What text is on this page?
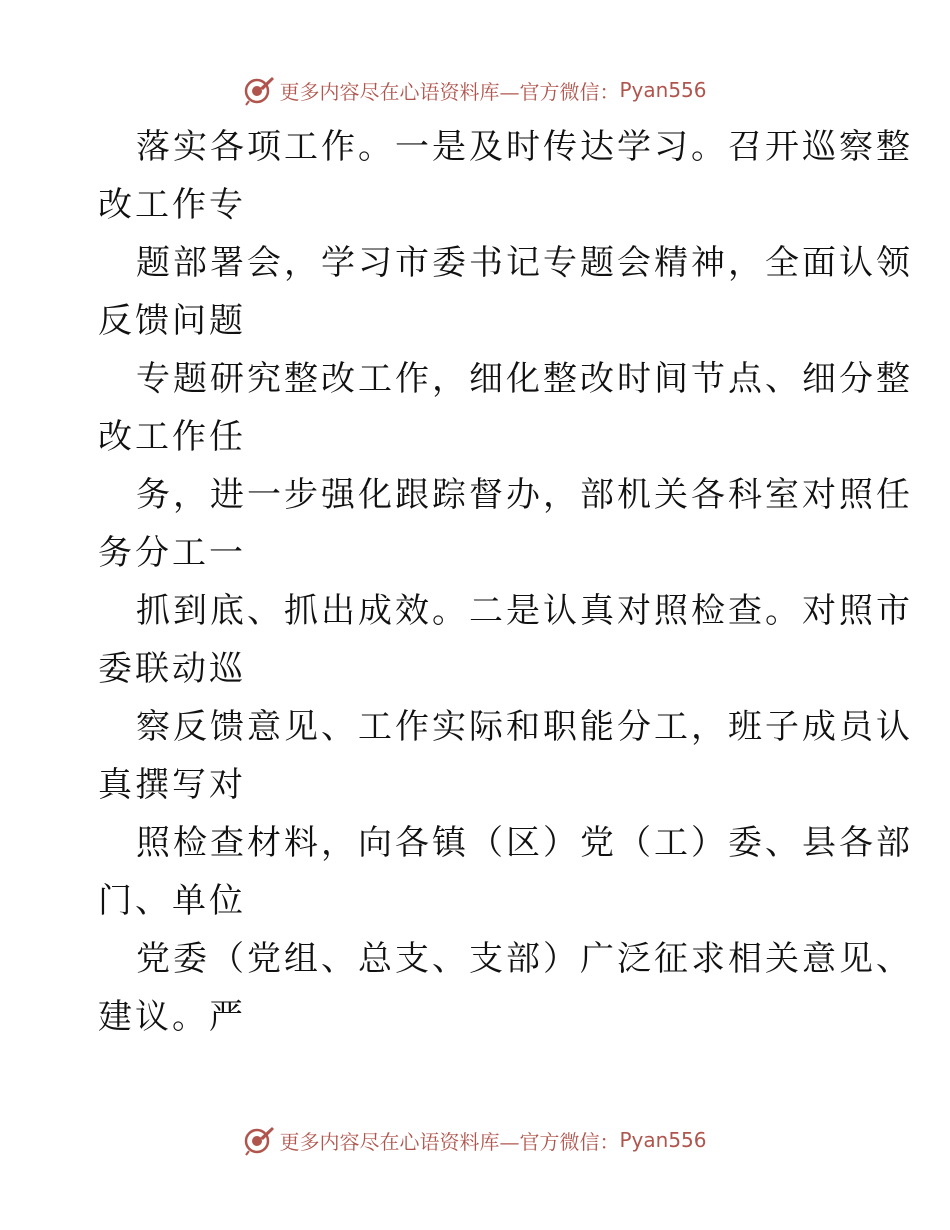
更多内容尽在心语资料库—官方微信： Pyan556

落实各项工作。一是及时传达学习。召开巡察整

改工作专

题部署会，学习市委书记专题会精神，全面认领

反馈问题

专题研究整改工作，细化整改时间节点、细分整

改工作任

务，进一步强化跟踪督办，部机关各科室对照任

务分工一

抓到底、抓出成效。二是认真对照检查。对照市

委联动巡

察反馈意见、工作实际和职能分工，班子成员认

真撰写对

照检查材料，向各镇（区）党（工）委、县各部

门、单位

党委（党组、总支、支部）广泛征求相关意见、

建议。严

更多内容尽在心语资料库—官方微信： Pyan556
